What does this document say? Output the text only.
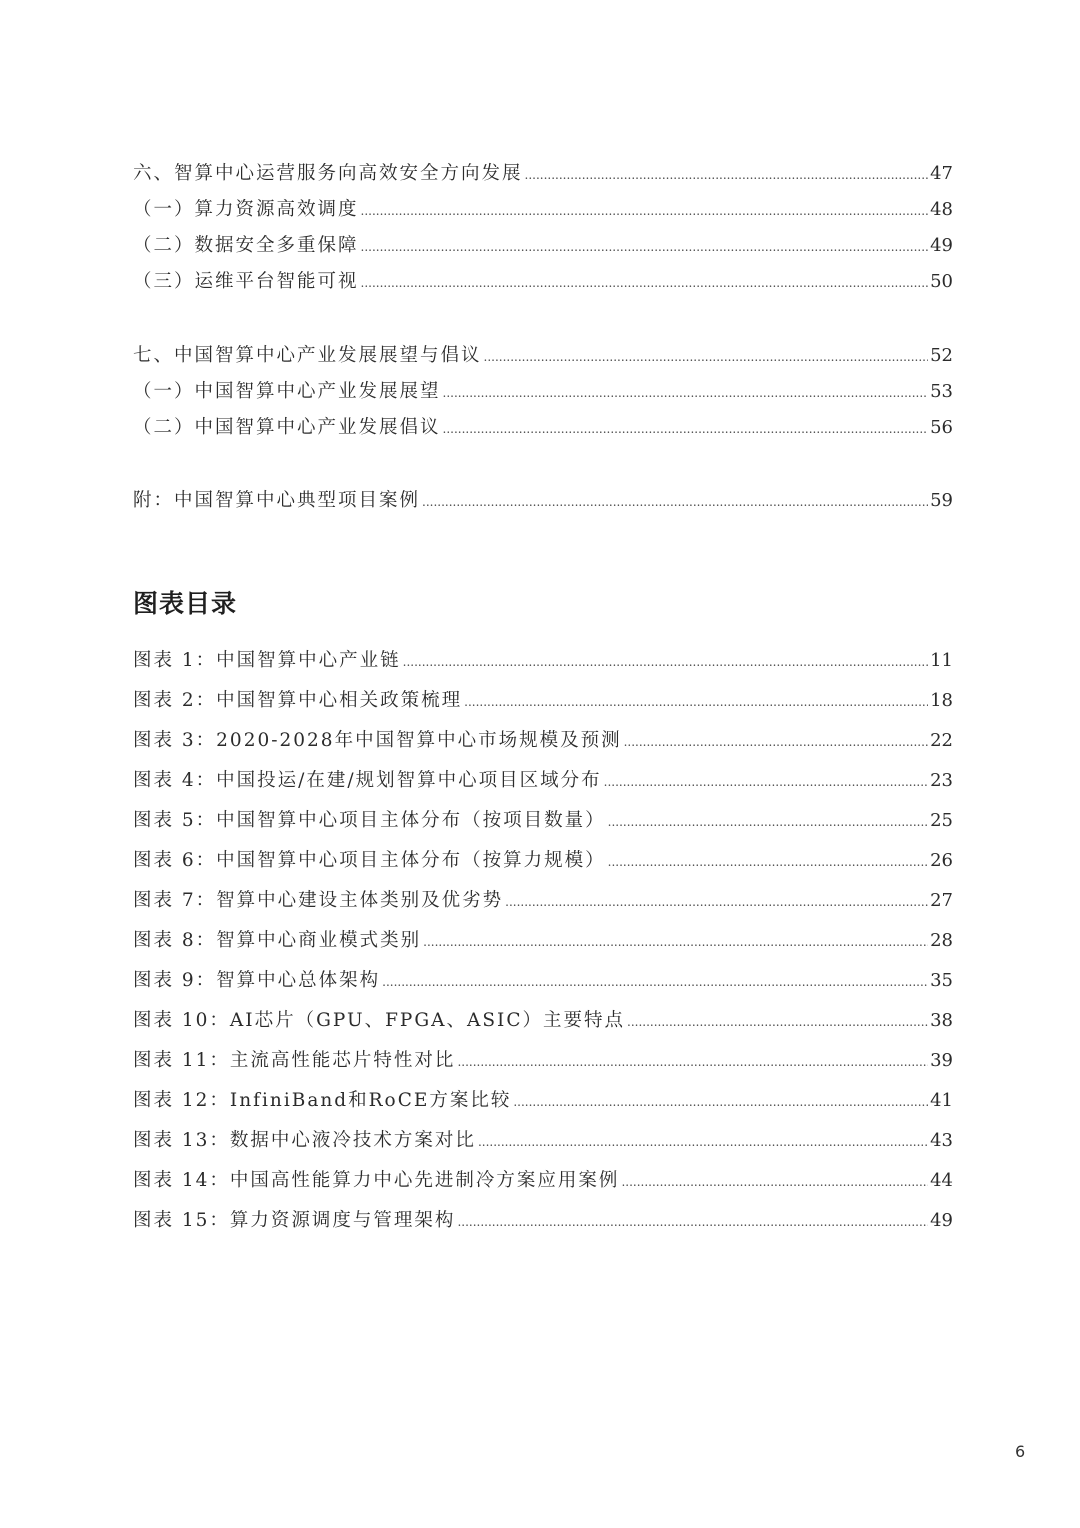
六、智算中心运营服务向高效安全方向发展 .....	47
（一）算力资源高效调度 .....	48
（二）数据安全多重保障 .....	49
（三）运维平台智能可视 .....	50
七、中国智算中心产业发展展望与倡议 .....	52
（一）中国智算中心产业发展展望 .....	53
（二）中国智算中心产业发展倡议 .....	56
附：中国智算中心典型项目案例 .....	59
图表目录
图表 1：中国智算中心产业链 .....	11
图表 2：中国智算中心相关政策梳理 .....	18
图表 3：2020-2028年中国智算中心市场规模及预测 .....	22
图表 4：中国投运/在建/规划智算中心项目区域分布 .....	23
图表 5：中国智算中心项目主体分布（按项目数量） .....	25
图表 6：中国智算中心项目主体分布（按算力规模） .....	26
图表 7：智算中心建设主体类别及优劣势 .....	27
图表 8：智算中心商业模式类别 .....	28
图表 9：智算中心总体架构 .....	35
图表 10：AI芯片（GPU、FPGA、ASIC）主要特点 .....	38
图表 11：主流高性能芯片特性对比 .....	39
图表 12：InfiniBand和RoCE方案比较 .....	41
图表 13：数据中心液冷技术方案对比 .....	43
图表 14：中国高性能算力中心先进制冷方案应用案例 .....	44
图表 15：算力资源调度与管理架构 .....	49
6
